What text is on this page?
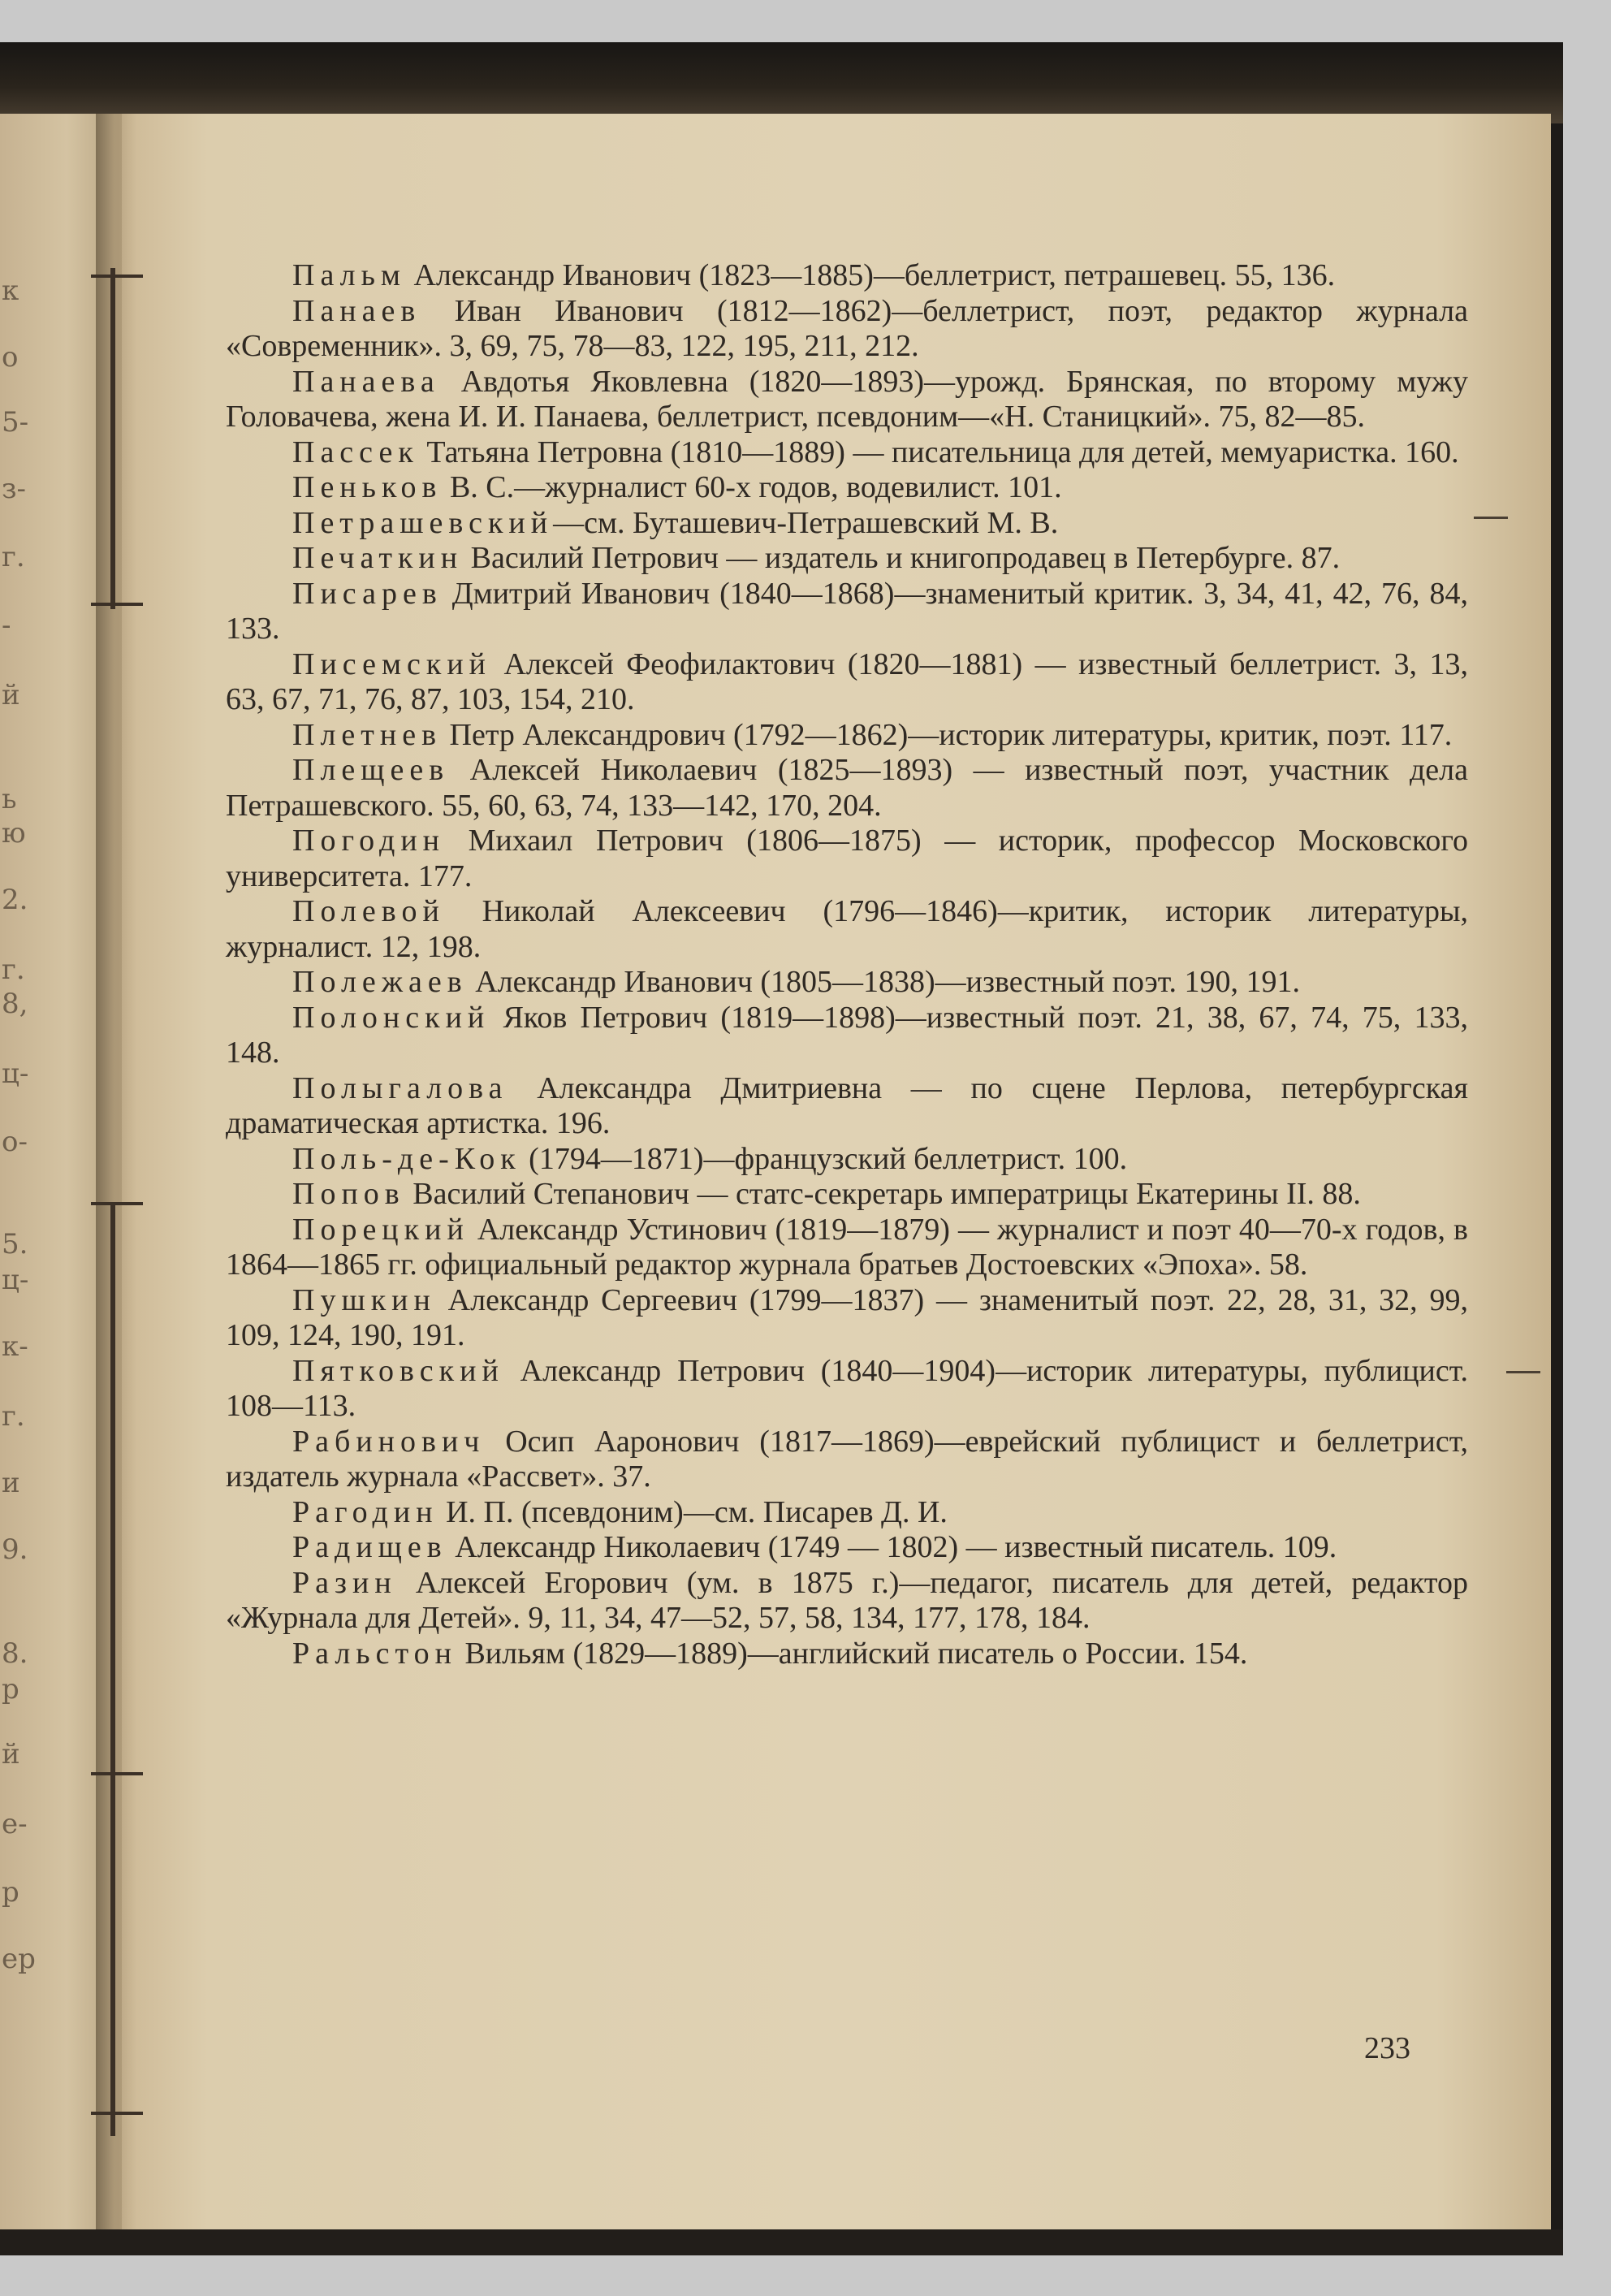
к
о
5-
з-
г.
-
й
ь
ю
2.
г.
8,
ц-
о-
5.
ц-
к-
г.
и
9.
8.
р
й
е-
р
ер

Пальм Александр Иванович (1823—1885)—беллетрист, петрашевец. 55, 136.

Панаев Иван Иванович (1812—1862)—беллетрист, поэт, редактор журнала «Современник». 3, 69, 75, 78—83, 122, 195, 211, 212.

Панаева Авдотья Яковлевна (1820—1893)—урожд. Брянская, по второму мужу Головачева, жена И. И. Панаева, беллетрист, псевдоним—«Н. Станицкий». 75, 82—85.

Пассек Татьяна Петровна (1810—1889) — писательница для детей, мемуаристка. 160.

Пеньков В. С.—журналист 60-х годов, водевилист. 101.

Петрашевский—см. Буташевич-Петрашевский М. В.

Печаткин Василий Петрович — издатель и книгопродавец в Петербурге. 87.

Писарев Дмитрий Иванович (1840—1868)—знаменитый критик. 3, 34, 41, 42, 76, 84, 133.

Писемский Алексей Феофилактович (1820—1881) — известный беллетрист. 3, 13, 63, 67, 71, 76, 87, 103, 154, 210.

Плетнев Петр Александрович (1792—1862)—историк литературы, критик, поэт. 117.

Плещеев Алексей Николаевич (1825—1893) — известный поэт, участник дела Петрашевского. 55, 60, 63, 74, 133—142, 170, 204.

Погодин Михаил Петрович (1806—1875) — историк, профессор Московского университета. 177.

Полевой Николай Алексеевич (1796—1846)—критик, историк литературы, журналист. 12, 198.

Полежаев Александр Иванович (1805—1838)—известный поэт. 190, 191.

Полонский Яков Петрович (1819—1898)—известный поэт. 21, 38, 67, 74, 75, 133, 148.

Полыгалова Александра Дмитриевна — по сцене Перлова, петербургская драматическая артистка. 196.

Поль-де-Кок (1794—1871)—французский беллетрист. 100.

Попов Василий Степанович — статс-секретарь императрицы Екатерины II. 88.

Порецкий Александр Устинович (1819—1879) — журналист и поэт 40—70-х годов, в 1864—1865 гг. официальный редактор журнала братьев Достоевских «Эпоха». 58.

Пушкин Александр Сергеевич (1799—1837) — знаменитый поэт. 22, 28, 31, 32, 99, 109, 124, 190, 191.

Пятковский Александр Петрович (1840—1904)—историк литературы, публицист. 108—113.

Рабинович Осип Ааронович (1817—1869)—еврейский публицист и беллетрист, издатель журнала «Рассвет». 37.

Рагодин И. П. (псевдоним)—см. Писарев Д. И.

Радищев Александр Николаевич (1749 — 1802) — известный писатель. 109.

Разин Алексей Егорович (ум. в 1875 г.)—педагог, писатель для детей, редактор «Журнала для Детей». 9, 11, 34, 47—52, 57, 58, 134, 177, 178, 184.

Ральстон Вильям (1829—1889)—английский писатель о России. 154.

233
